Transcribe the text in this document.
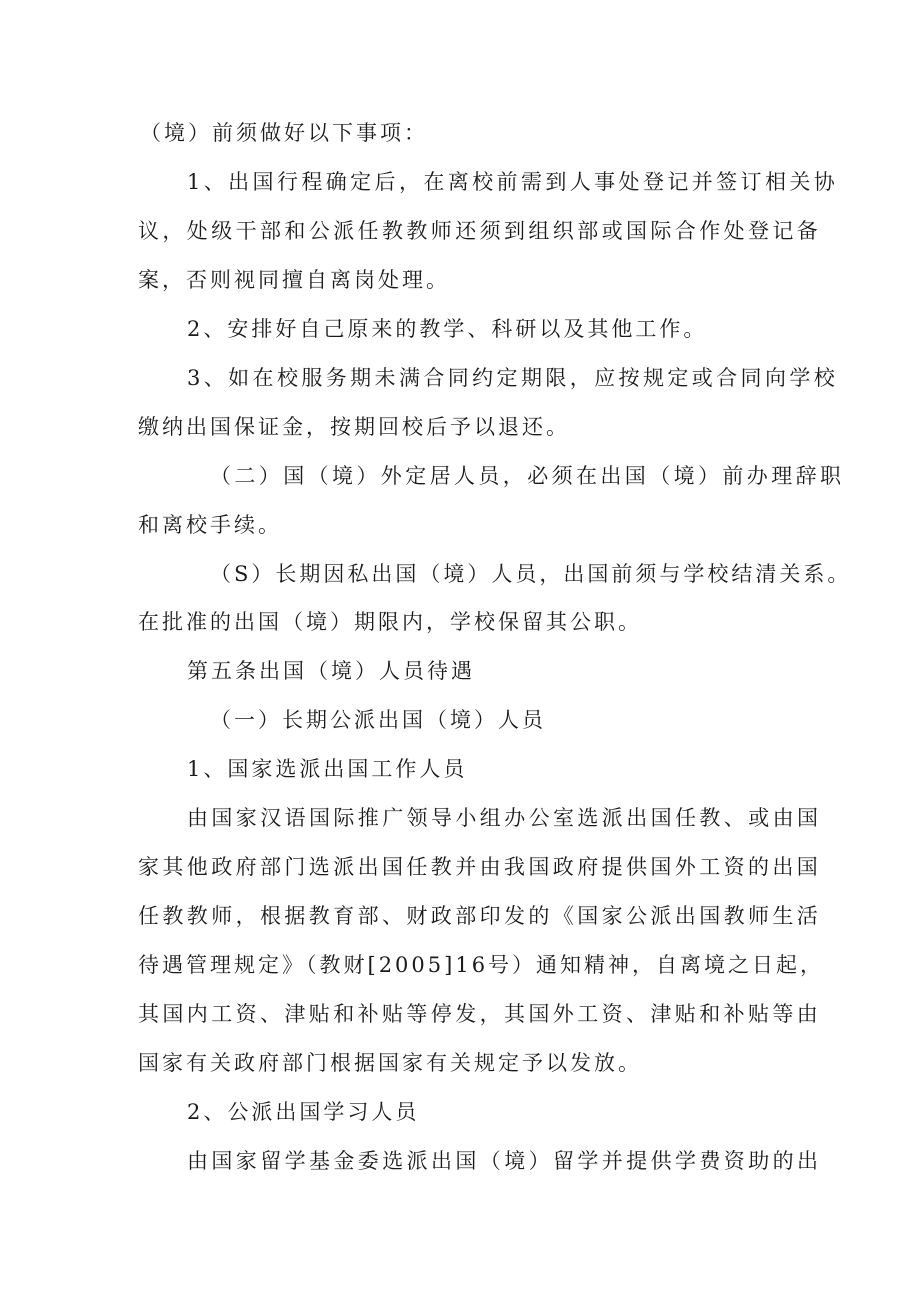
（境）前须做好以下事项：

1、出国行程确定后，在离校前需到人事处登记并签订相关协

议，处级干部和公派任教教师还须到组织部或国际合作处登记备

案，否则视同擅自离岗处理。

2、安排好自己原来的教学、科研以及其他工作。

3、如在校服务期未满合同约定期限，应按规定或合同向学校

缴纳出国保证金，按期回校后予以退还。

（二）国（境）外定居人员，必须在出国（境）前办理辞职

和离校手续。

（S）长期因私出国（境）人员，出国前须与学校结清关系。

在批准的出国（境）期限内，学校保留其公职。

第五条出国（境）人员待遇

（一）长期公派出国（境）人员

1、国家选派出国工作人员

由国家汉语国际推广领导小组办公室选派出国任教、或由国

家其他政府部门选派出国任教并由我国政府提供国外工资的出国

任教教师，根据教育部、财政部印发的《国家公派出国教师生活

待遇管理规定》（教财[2005]16号）通知精神，自离境之日起，

其国内工资、津贴和补贴等停发，其国外工资、津贴和补贴等由

国家有关政府部门根据国家有关规定予以发放。

2、公派出国学习人员

由国家留学基金委选派出国（境）留学并提供学费资助的出
